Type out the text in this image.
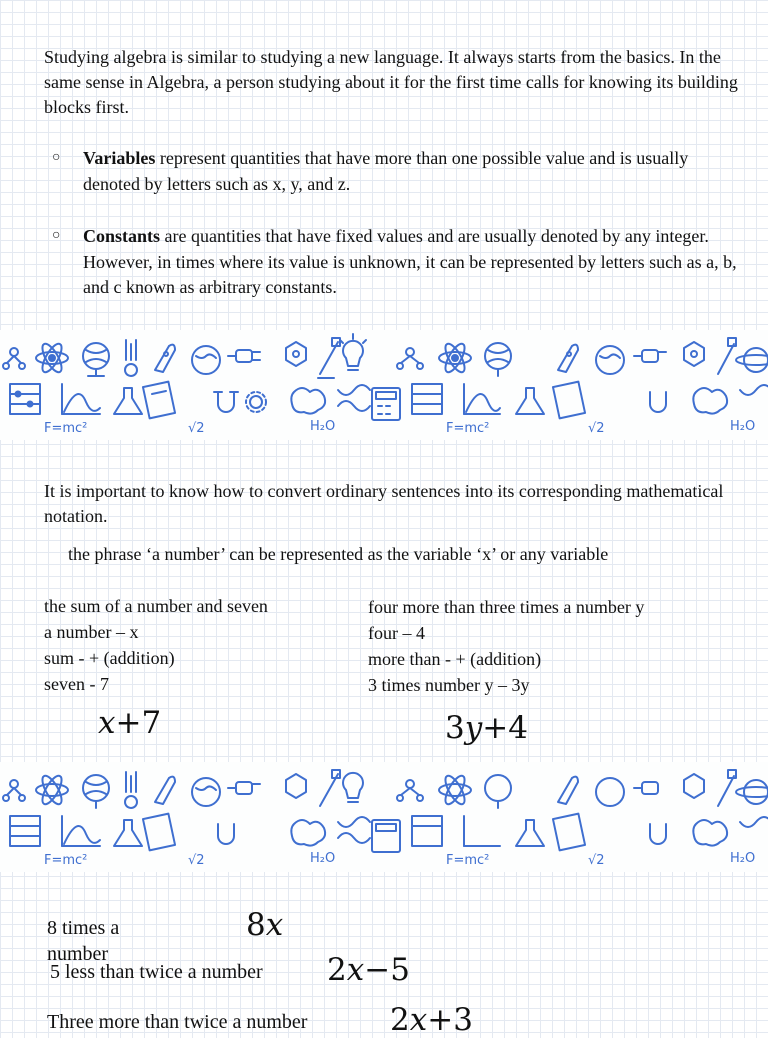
Studying algebra is similar to studying a new language. It always starts from the basics. In the same sense in Algebra, a person studying about it for the first time calls for knowing its building blocks first.
○ Variables represent quantities that have more than one possible value and is usually denoted by letters such as x, y, and z.
○ Constants are quantities that have fixed values and are usually denoted by any integer. However, in times where its value is unknown, it can be represented by letters such as a, b, and c known as arbitrary constants.
F=mc²	√2	H₂O	F=mc²	√2	H₂O
It is important to know how to convert ordinary sentences into its corresponding mathematical notation.
the phrase ‘a number’ can be represented as the variable ‘x’ or any variable
the sum of a number and seven
a number – x
sum - + (addition)
seven - 7
x+7
four more than three times a number y
four – 4
more than - + (addition)
3 times number y – 3y
3y+4
F=mc²	√2	H₂O	F=mc²	√2	H₂O
8 times a number
8x
5 less than twice a number 2x−5
Three more than twice a number	2x+3
